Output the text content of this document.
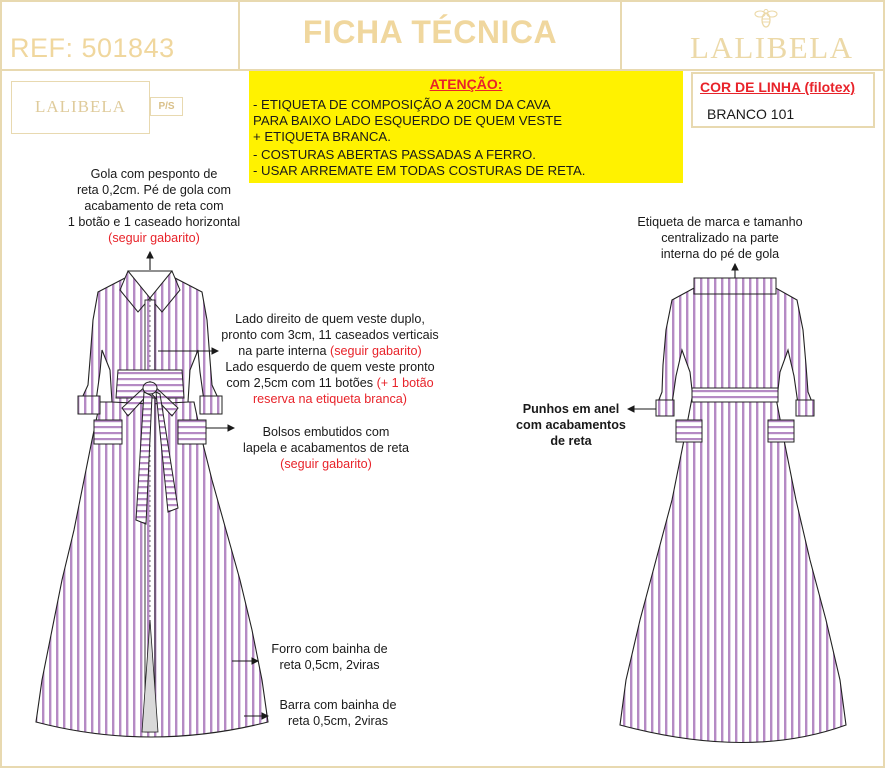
REF: 501843	FICHA TÉCNICA	LALIBELA
LALIBELA	P/S
ATENÇÃO:
- ETIQUETA DE COMPOSIÇÃO A 20CM DA CAVA
PARA BAIXO LADO ESQUERDO DE QUEM VESTE
+ ETIQUETA BRANCA.
- COSTURAS ABERTAS PASSADAS A FERRO.
- USAR ARREMATE EM TODAS COSTURAS DE RETA.
COR DE LINHA (filotex)
BRANCO 101
Gola com pesponto de
reta 0,2cm. Pé de gola com
acabamento de reta com
1 botão e 1 caseado horizontal
(seguir gabarito)
Lado direito de quem veste duplo,
pronto com 3cm, 11 caseados verticais
na parte interna (seguir gabarito)
Lado esquerdo de quem veste pronto
com 2,5cm com 11 botões (+ 1 botão
reserva na etiqueta branca)
Bolsos embutidos com
lapela e acabamentos de reta
(seguir gabarito)
Forro com bainha de
reta 0,5cm, 2viras
Barra com bainha de
reta 0,5cm, 2viras
Etiqueta de marca e tamanho
centralizado na parte
interna do pé de gola
Punhos em anel
com acabamentos
de reta
